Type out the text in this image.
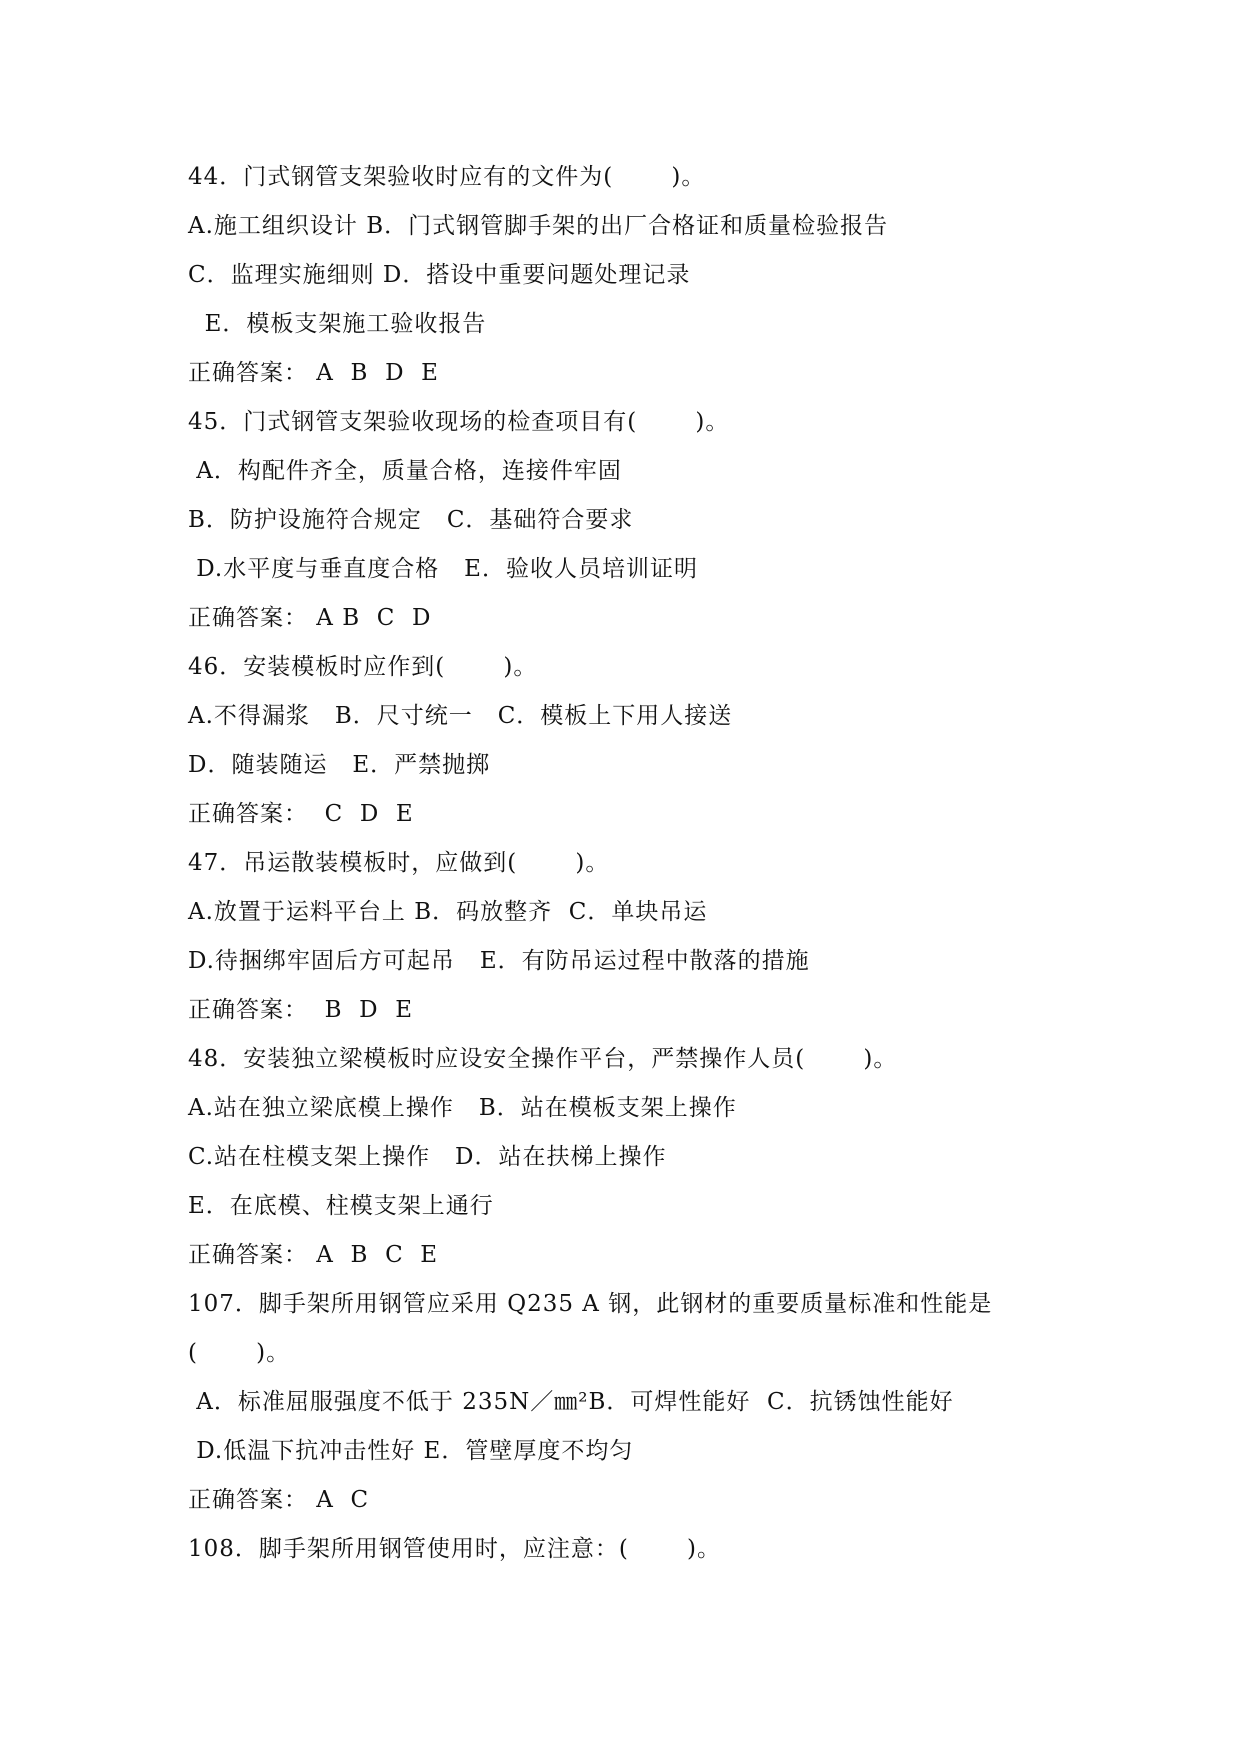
44．门式钢管支架验收时应有的文件为(       )。
A.施工组织设计 B．门式钢管脚手架的出厂合格证和质量检验报告
C．监理实施细则 D．搭设中重要问题处理记录
E．模板支架施工验收报告
正确答案： A  B  D  E
45．门式钢管支架验收现场的检查项目有(       )。
A．构配件齐全，质量合格，连接件牢固
B．防护设施符合规定   C．基础符合要求
D.水平度与垂直度合格   E．验收人员培训证明
正确答案： A B  C  D
46．安装模板时应作到(       )。
A.不得漏浆   B．尺寸统一   C．模板上下用人接送
D．随装随运   E．严禁抛掷
正确答案：  C  D  E
47．吊运散装模板时，应做到(       )。
A.放置于运料平台上 B．码放整齐  C．单块吊运
D.待捆绑牢固后方可起吊   E．有防吊运过程中散落的措施
正确答案：  B  D  E
48．安装独立梁模板时应设安全操作平台，严禁操作人员(       )。
A.站在独立梁底模上操作   B．站在模板支架上操作
C.站在柱模支架上操作   D．站在扶梯上操作
E．在底模、柱模支架上通行
正确答案： A  B  C  E
107．脚手架所用钢管应采用 Q235 A 钢，此钢材的重要质量标准和性能是
(       )。
A．标准屈服强度不低于 235N／㎜²B．可焊性能好  C．抗锈蚀性能好
D.低温下抗冲击性好 E．管壁厚度不均匀
正确答案： A  C
108．脚手架所用钢管使用时，应注意：(       )。
